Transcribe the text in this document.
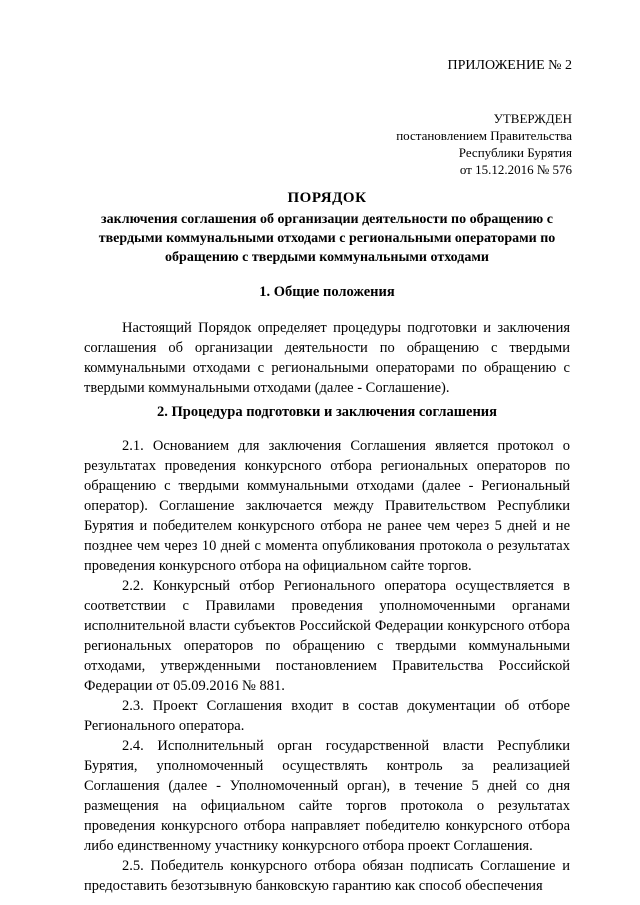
ПРИЛОЖЕНИЕ № 2
УТВЕРЖДЕН
постановлением Правительства
Республики Бурятия
от 15.12.2016 № 576
ПОРЯДОК
заключения соглашения об организации деятельности по обращению с твердыми коммунальными отходами с региональными операторами по обращению с твердыми коммунальными отходами
1. Общие положения

Настоящий Порядок определяет процедуры подготовки и заключения соглашения об организации деятельности по обращению с твердыми коммунальными отходами с региональными операторами по обращению с твердыми коммунальными отходами (далее - Соглашение).

2. Процедура подготовки и заключения соглашения

2.1. Основанием для заключения Соглашения является протокол о результатах проведения конкурсного отбора региональных операторов по обращению с твердыми коммунальными отходами (далее - Региональный оператор). Соглашение заключается между Правительством Республики Бурятия и победителем конкурсного отбора не ранее чем через 5 дней и не позднее чем через 10 дней с момента опубликования протокола о результатах проведения конкурсного отбора на официальном сайте торгов.

2.2. Конкурсный отбор Регионального оператора осуществляется в соответствии с Правилами проведения уполномоченными органами исполнительной власти субъектов Российской Федерации конкурсного отбора региональных операторов по обращению с твердыми коммунальными отходами, утвержденными постановлением Правительства Российской Федерации от 05.09.2016 № 881.

2.3. Проект Соглашения входит в состав документации об отборе Регионального оператора.

2.4. Исполнительный орган государственной власти Республики Бурятия, уполномоченный осуществлять контроль за реализацией Соглашения (далее - Уполномоченный орган), в течение 5 дней со дня размещения на официальном сайте торгов протокола о результатах проведения конкурсного отбора направляет победителю конкурсного отбора либо единственному участнику конкурсного отбора проект Соглашения.

2.5. Победитель конкурсного отбора обязан подписать Соглашение и предоставить безотзывную банковскую гарантию как способ обеспечения
